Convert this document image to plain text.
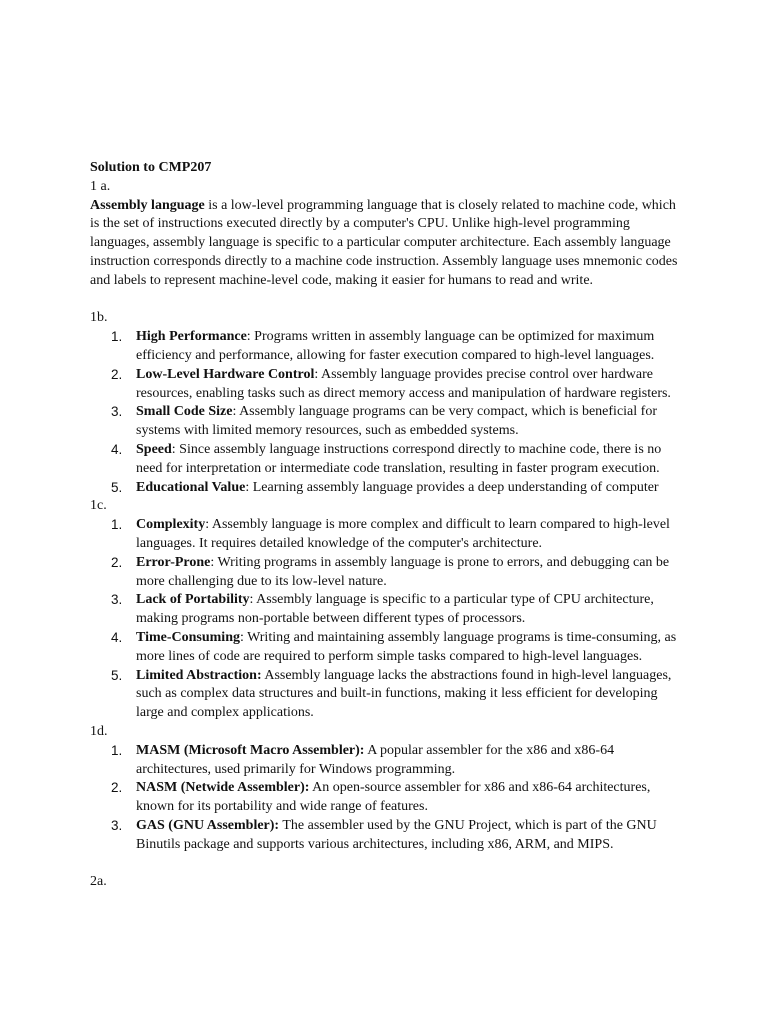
Solution to CMP207

1 a.

Assembly language is a low-level programming language that is closely related to machine code, which is the set of instructions executed directly by a computer's CPU. Unlike high-level programming languages, assembly language is specific to a particular computer architecture. Each assembly language instruction corresponds directly to a machine code instruction. Assembly language uses mnemonic codes and labels to represent machine-level code, making it easier for humans to read and write.

1b.

1. High Performance: Programs written in assembly language can be optimized for maximum efficiency and performance, allowing for faster execution compared to high-level languages.
2. Low-Level Hardware Control: Assembly language provides precise control over hardware resources, enabling tasks such as direct memory access and manipulation of hardware registers.
3. Small Code Size: Assembly language programs can be very compact, which is beneficial for systems with limited memory resources, such as embedded systems.
4. Speed: Since assembly language instructions correspond directly to machine code, there is no need for interpretation or intermediate code translation, resulting in faster program execution.
5. Educational Value: Learning assembly language provides a deep understanding of computer

1c.

1. Complexity: Assembly language is more complex and difficult to learn compared to high-level languages. It requires detailed knowledge of the computer's architecture.
2. Error-Prone: Writing programs in assembly language is prone to errors, and debugging can be more challenging due to its low-level nature.
3. Lack of Portability: Assembly language is specific to a particular type of CPU architecture, making programs non-portable between different types of processors.
4. Time-Consuming: Writing and maintaining assembly language programs is time-consuming, as more lines of code are required to perform simple tasks compared to high-level languages.
5. Limited Abstraction: Assembly language lacks the abstractions found in high-level languages, such as complex data structures and built-in functions, making it less efficient for developing large and complex applications.

1d.

1. MASM (Microsoft Macro Assembler): A popular assembler for the x86 and x86-64 architectures, used primarily for Windows programming.
2. NASM (Netwide Assembler): An open-source assembler for x86 and x86-64 architectures, known for its portability and wide range of features.
3. GAS (GNU Assembler): The assembler used by the GNU Project, which is part of the GNU Binutils package and supports various architectures, including x86, ARM, and MIPS.

2a.
